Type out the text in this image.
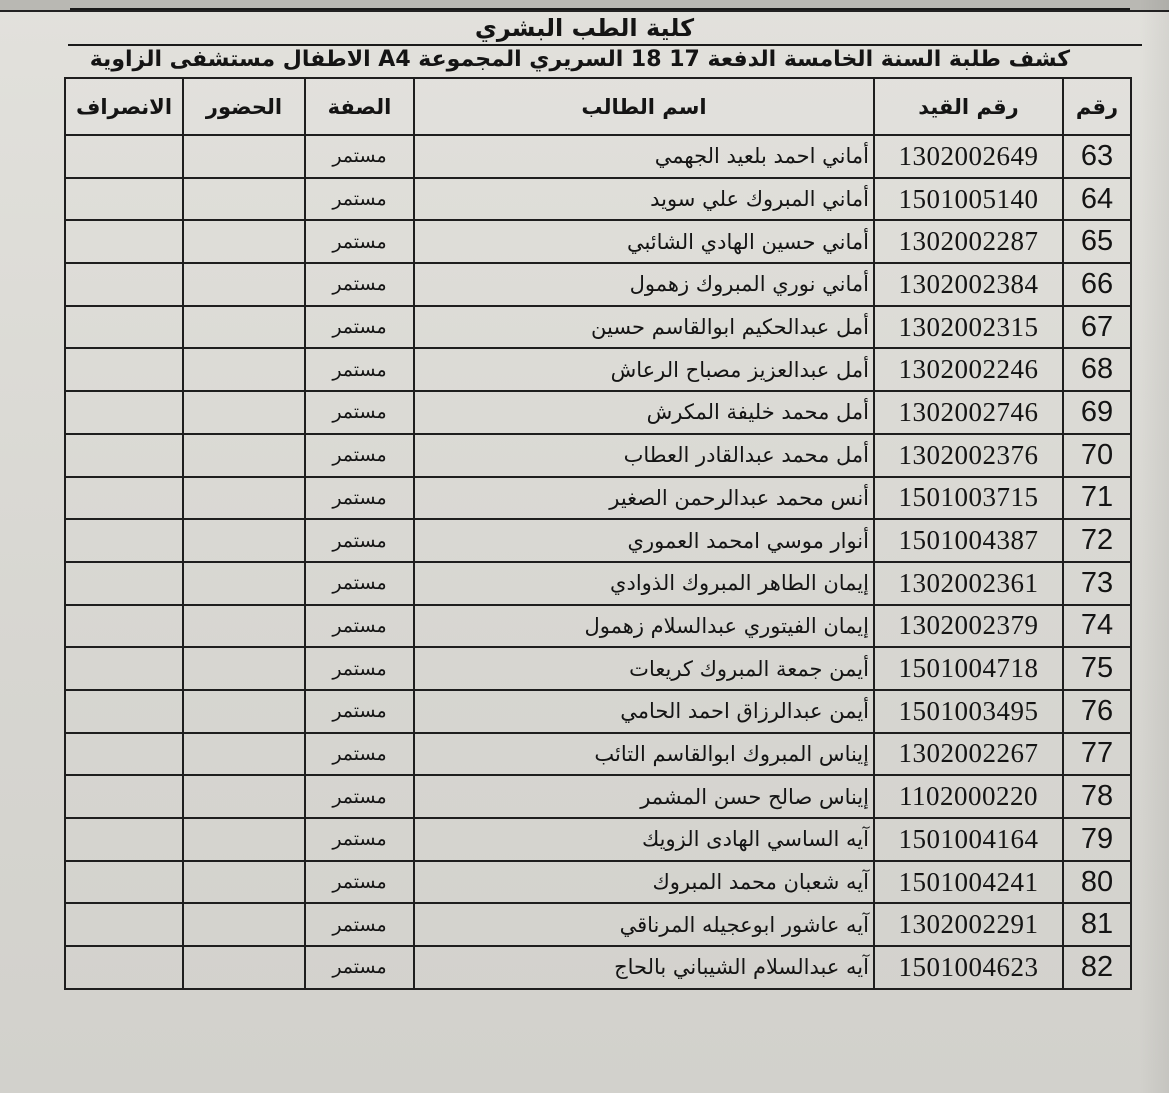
كلية الطب البشري
كشف طلبة السنة الخامسة الدفعة 17 18 السريري المجموعة A4 الاطفال مستشفى الزاوية
رقم	رقم القيد	اسم الطالب	الصفة	الحضور	الانصراف
63	1302002649	أماني احمد بلعيد الجهمي	مستمر		
64	1501005140	أماني المبروك علي سويد	مستمر		
65	1302002287	أماني حسين الهادي الشائبي	مستمر		
66	1302002384	أماني نوري المبروك زهمول	مستمر		
67	1302002315	أمل عبدالحكيم ابوالقاسم حسين	مستمر		
68	1302002246	أمل عبدالعزيز مصباح الرعاش	مستمر		
69	1302002746	أمل محمد خليفة المكرش	مستمر		
70	1302002376	أمل محمد عبدالقادر العطاب	مستمر		
71	1501003715	أنس محمد عبدالرحمن الصغير	مستمر		
72	1501004387	أنوار موسي امحمد العموري	مستمر		
73	1302002361	إيمان الطاهر المبروك الذوادي	مستمر		
74	1302002379	إيمان الفيتوري عبدالسلام زهمول	مستمر		
75	1501004718	أيمن جمعة المبروك كريعات	مستمر		
76	1501003495	أيمن عبدالرزاق احمد الحامي	مستمر		
77	1302002267	إيناس المبروك ابوالقاسم التائب	مستمر		
78	1102000220	إيناس صالح حسن المشمر	مستمر		
79	1501004164	آيه الساسي الهادى الزويك	مستمر		
80	1501004241	آيه شعبان محمد المبروك	مستمر		
81	1302002291	آيه عاشور ابوعجيله المرناقي	مستمر		
82	1501004623	آيه عبدالسلام الشيباني بالحاج	مستمر		
